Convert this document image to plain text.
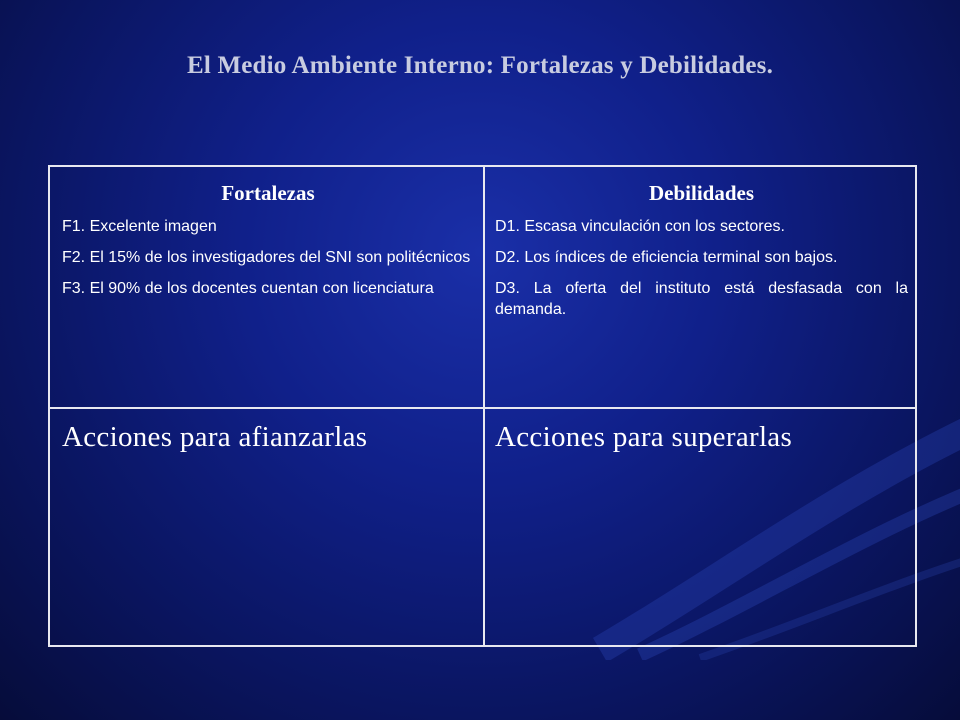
El Medio Ambiente Interno: Fortalezas y Debilidades.
Fortalezas

F1. Excelente imagen

F2. El 15% de los investigadores del SNI son politécnicos

F3. El 90% de los docentes cuentan con licenciatura

Debilidades

D1. Escasa vinculación con los sectores.

D2. Los índices de eficiencia terminal son bajos.

D3. La oferta del instituto está desfasada con la demanda.

Acciones para afianzarlas	Acciones para superarlas
